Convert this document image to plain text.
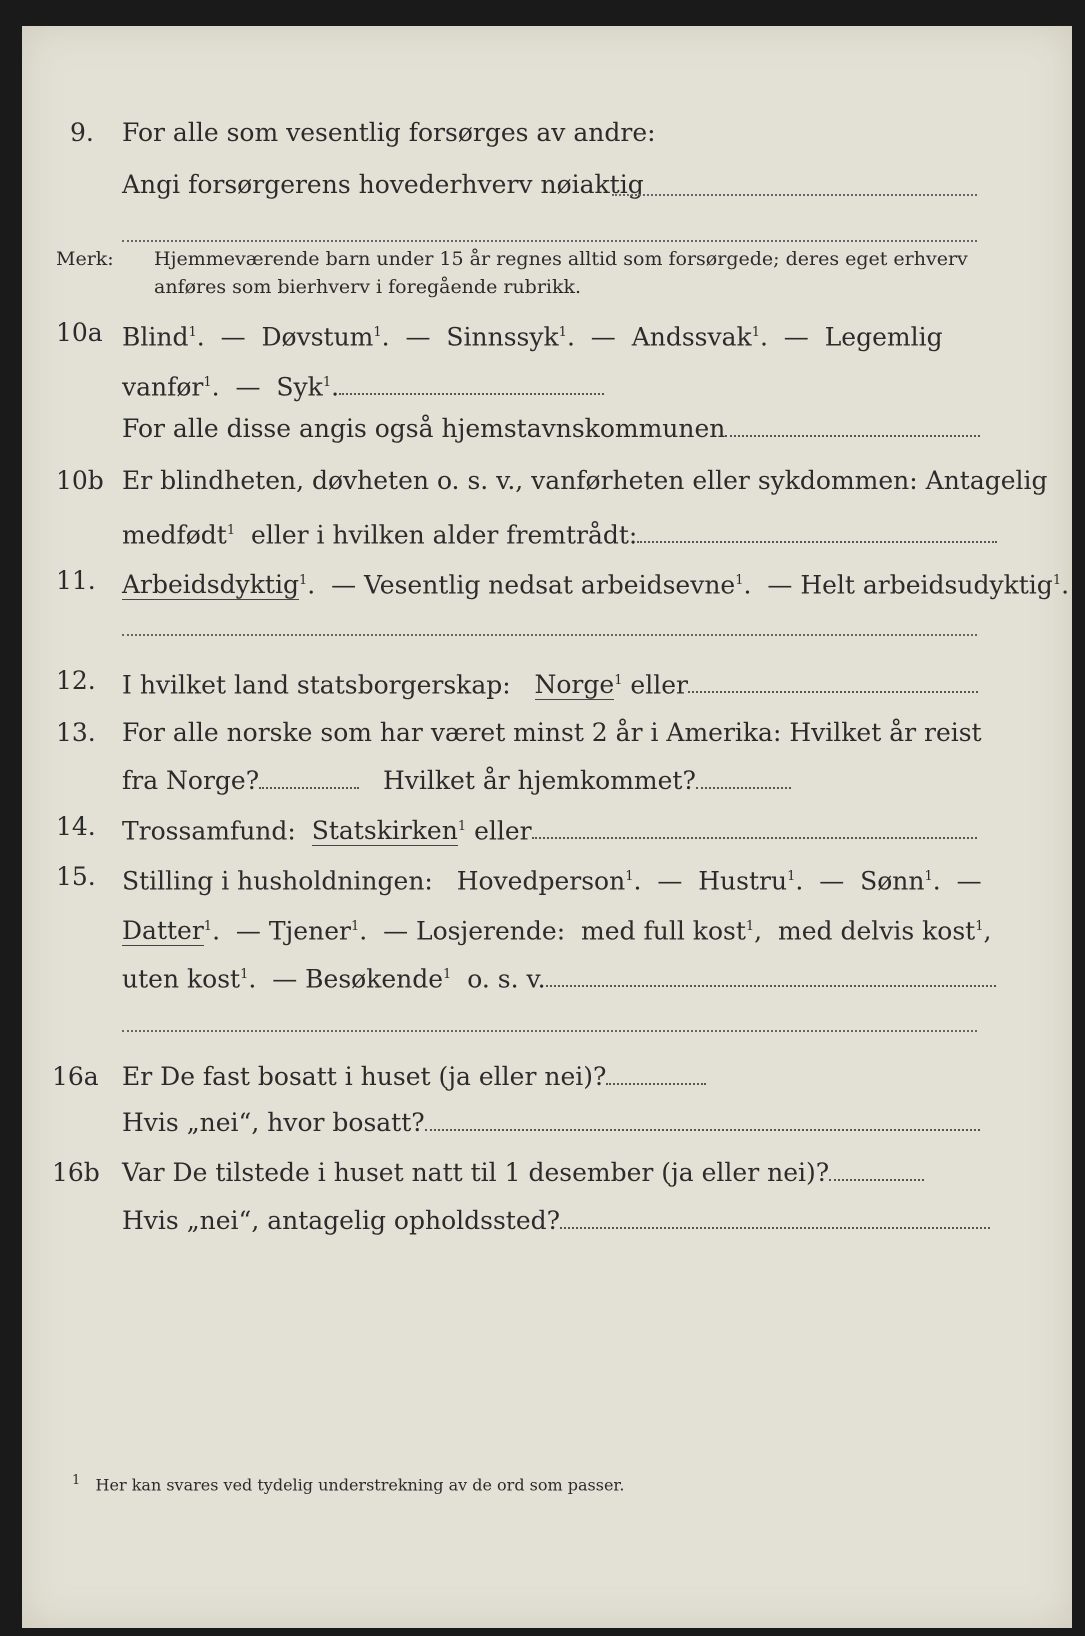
9. For alle som vesentlig forsørges av andre:
Angi forsørgerens hovederhverv nøiaktig
Merk: Hjemmeværende barn under 15 år regnes alltid som forsørgede; deres eget erhverv
anføres som bierhverv i foregående rubrikk.
10a Blind$^1$.  —  Døvstum$^1$.  —  Sinnssyk$^1$.  —  Andssvak$^1$.  —  Legemlig
vanfør$^1$.  —  Syk$^1$.
For alle disse angis også hjemstavnskommunen
10b Er blindheten, døvheten o. s. v., vanførheten eller sykdommen: Antagelig
medfødt$^1$ eller i hvilken alder fremtrådt:
11. Arbeidsdyktig$^1$.  — Vesentlig nedsat arbeidsevne$^1$.  — Helt arbeidsudyktig$^1$.
12. I hvilket land statsborgerskap: Norge$^1$ eller
13. For alle norske som har været minst 2 år i Amerika: Hvilket år reist
fra Norge?	Hvilket år hjemkommet?
14. Trossamfund: Statskirken$^1$ eller
15. Stilling i husholdningen: Hovedperson$^1$.  —  Hustru$^1$.  —  Sønn$^1$.  —
Datter$^1$.  — Tjener$^1$.  — Losjerende: med full kost$^1$,  med delvis kost$^1$,
uten kost$^1$.  — Besøkende$^1$ o. s. v.
16a Er De fast bosatt i huset (ja eller nei)?
Hvis „nei“, hvor bosatt?
16b Var De tilstede i huset natt til 1 desember (ja eller nei)?
Hvis „nei“, antagelig opholdssted?
$^1$ Her kan svares ved tydelig understrekning av de ord som passer.
